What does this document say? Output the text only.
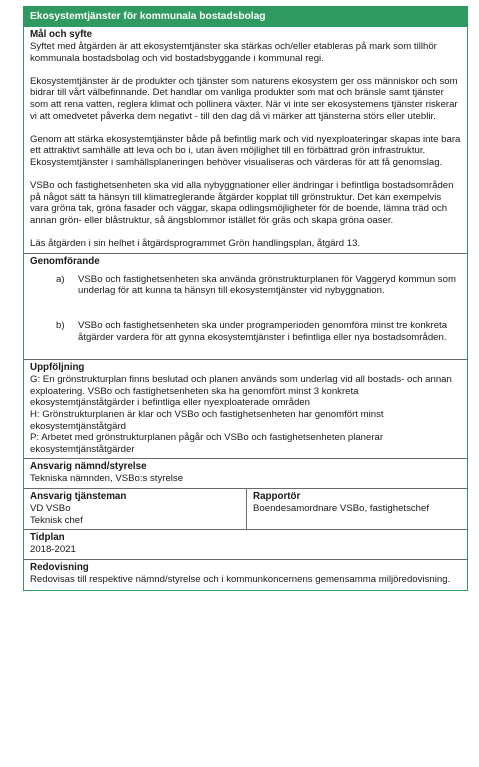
Ekosystemtjänster för kommunala bostadsbolag
Mål och syfte

Syftet med åtgärden är att ekosystemtjänster ska stärkas och/eller etableras på mark som tillhör kommunala bostadsbolag och vid bostadsbyggande i kommunal regi.

Ekosystemtjänster är de produkter och tjänster som naturens ekosystem ger oss människor och som bidrar till vårt välbefinnande. Det handlar om vanliga produkter som mat och bränsle samt tjänster som att rena vatten, reglera klimat och pollinera växter. När vi inte ser ekosystemens tjänster riskerar vi att omedvetet påverka dem negativt - till den dag då vi märker att tjänsterna störs eller uteblir.

Genom att stärka ekosystemtjänster både på befintlig mark och vid nyexploateringar skapas inte bara ett attraktivt samhälle att leva och bo i, utan även möjlighet till en förbättrad grön infrastruktur. Ekosystemtjänster i samhällsplaneringen behöver visualiseras och värderas för att få genomslag.

VSBo och fastighetsenheten ska vid alla nybyggnationer eller ändringar i befintliga bostadsområden på något sätt ta hänsyn till klimatreglerande åtgärder kopplat till grönstruktur. Det kan exempelvis vara gröna tak, gröna fasader och väggar, skapa odlingsmöjligheter för de boende, lämna träd och annan grön- eller blåstruktur, så ängsblommor istället för gräs och skapa gröna oaser.

Läs åtgärden i sin helhet i åtgärdsprogrammet Grön handlingsplan, åtgärd 13.

Genomförande
a)	VSBo och fastighetsenheten ska använda grönstrukturplanen för Vaggeryd kommun som underlag för att kunna ta hänsyn till ekosystemtjänster vid nybyggnation.
b)	VSBo och fastighetsenheten ska under programperioden genomföra minst tre konkreta åtgärder vardera för att gynna ekosystemtjänster i befintliga eller nya bostadsområden.
Uppföljning

G: En grönstrukturplan finns beslutad och planen används som underlag vid all bostads- och annan exploatering. VSBo och fastighetsenheten ska ha genomfört minst 3 konkreta ekosystemtjänståtgärder i befintliga eller nyexploaterade områden

H: Grönstrukturplanen är klar och VSBo och fastighetsenheten har genomfört minst ekosystemtjänståtgärd

P: Arbetet med grönstrukturplanen pågår och VSBo och fastighetsenheten planerar ekosystemtjänståtgärder

Ansvarig nämnd/styrelse

Tekniska nämnden, VSBo:s styrelse

Ansvarig tjänsteman

VD VSBo

Teknisk chef

Rapportör

Boendesamordnare VSBo, fastighetschef

Tidplan

2018-2021

Redovisning

Redovisas till respektive nämnd/styrelse och i kommunkoncernens gemensamma miljöredovisning.
